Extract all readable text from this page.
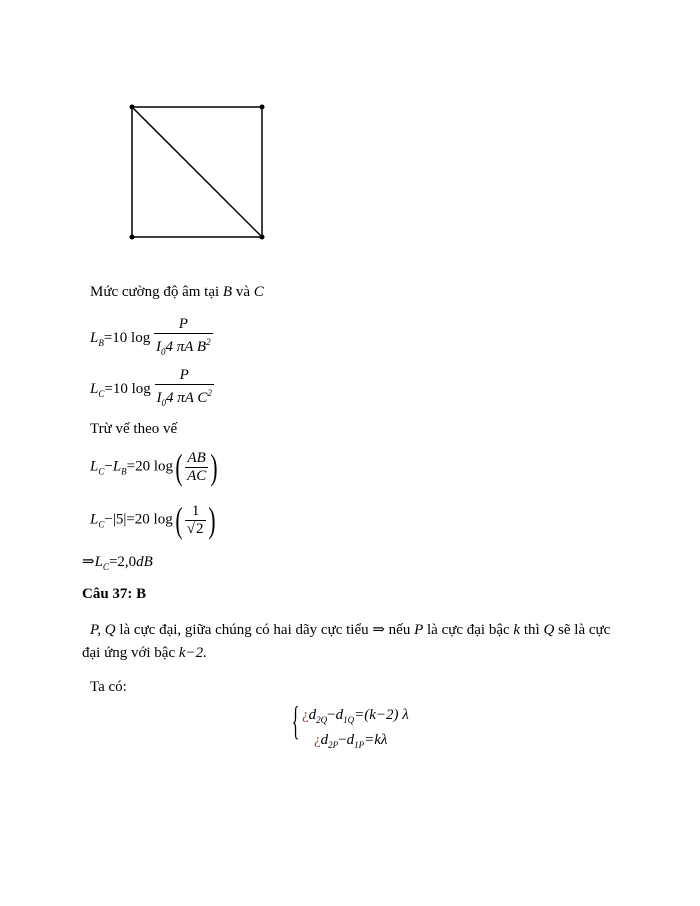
Mức cường độ âm tại B và C
$L_B=10$ $\log \frac{P}{I_04 \pi A B^2}$
$L_C=10$ $\log \frac{P}{I_04 \pi A C^2}$
Trừ vế theo vế
$L_C-L_B=20$ $\log( \frac{AB}{AC}$ )
$L_C-|5|=20$ $\log( \frac{1}{√2}$ )
$\Rightarrow L_C=2,0dB$
Câu 37: B
P, Q là cực đại, giữa chúng có hai dãy cực tiểu ⇒ nếu P là cực đại bậc k thì Q sẽ là cực
đại ứng với bậc k−2.
Ta có:
{ ¿$d_{2Q}-d_{1Q}=(k-2)$ λ
¿$d_{2P}-d_{1P}=k\lambda$
